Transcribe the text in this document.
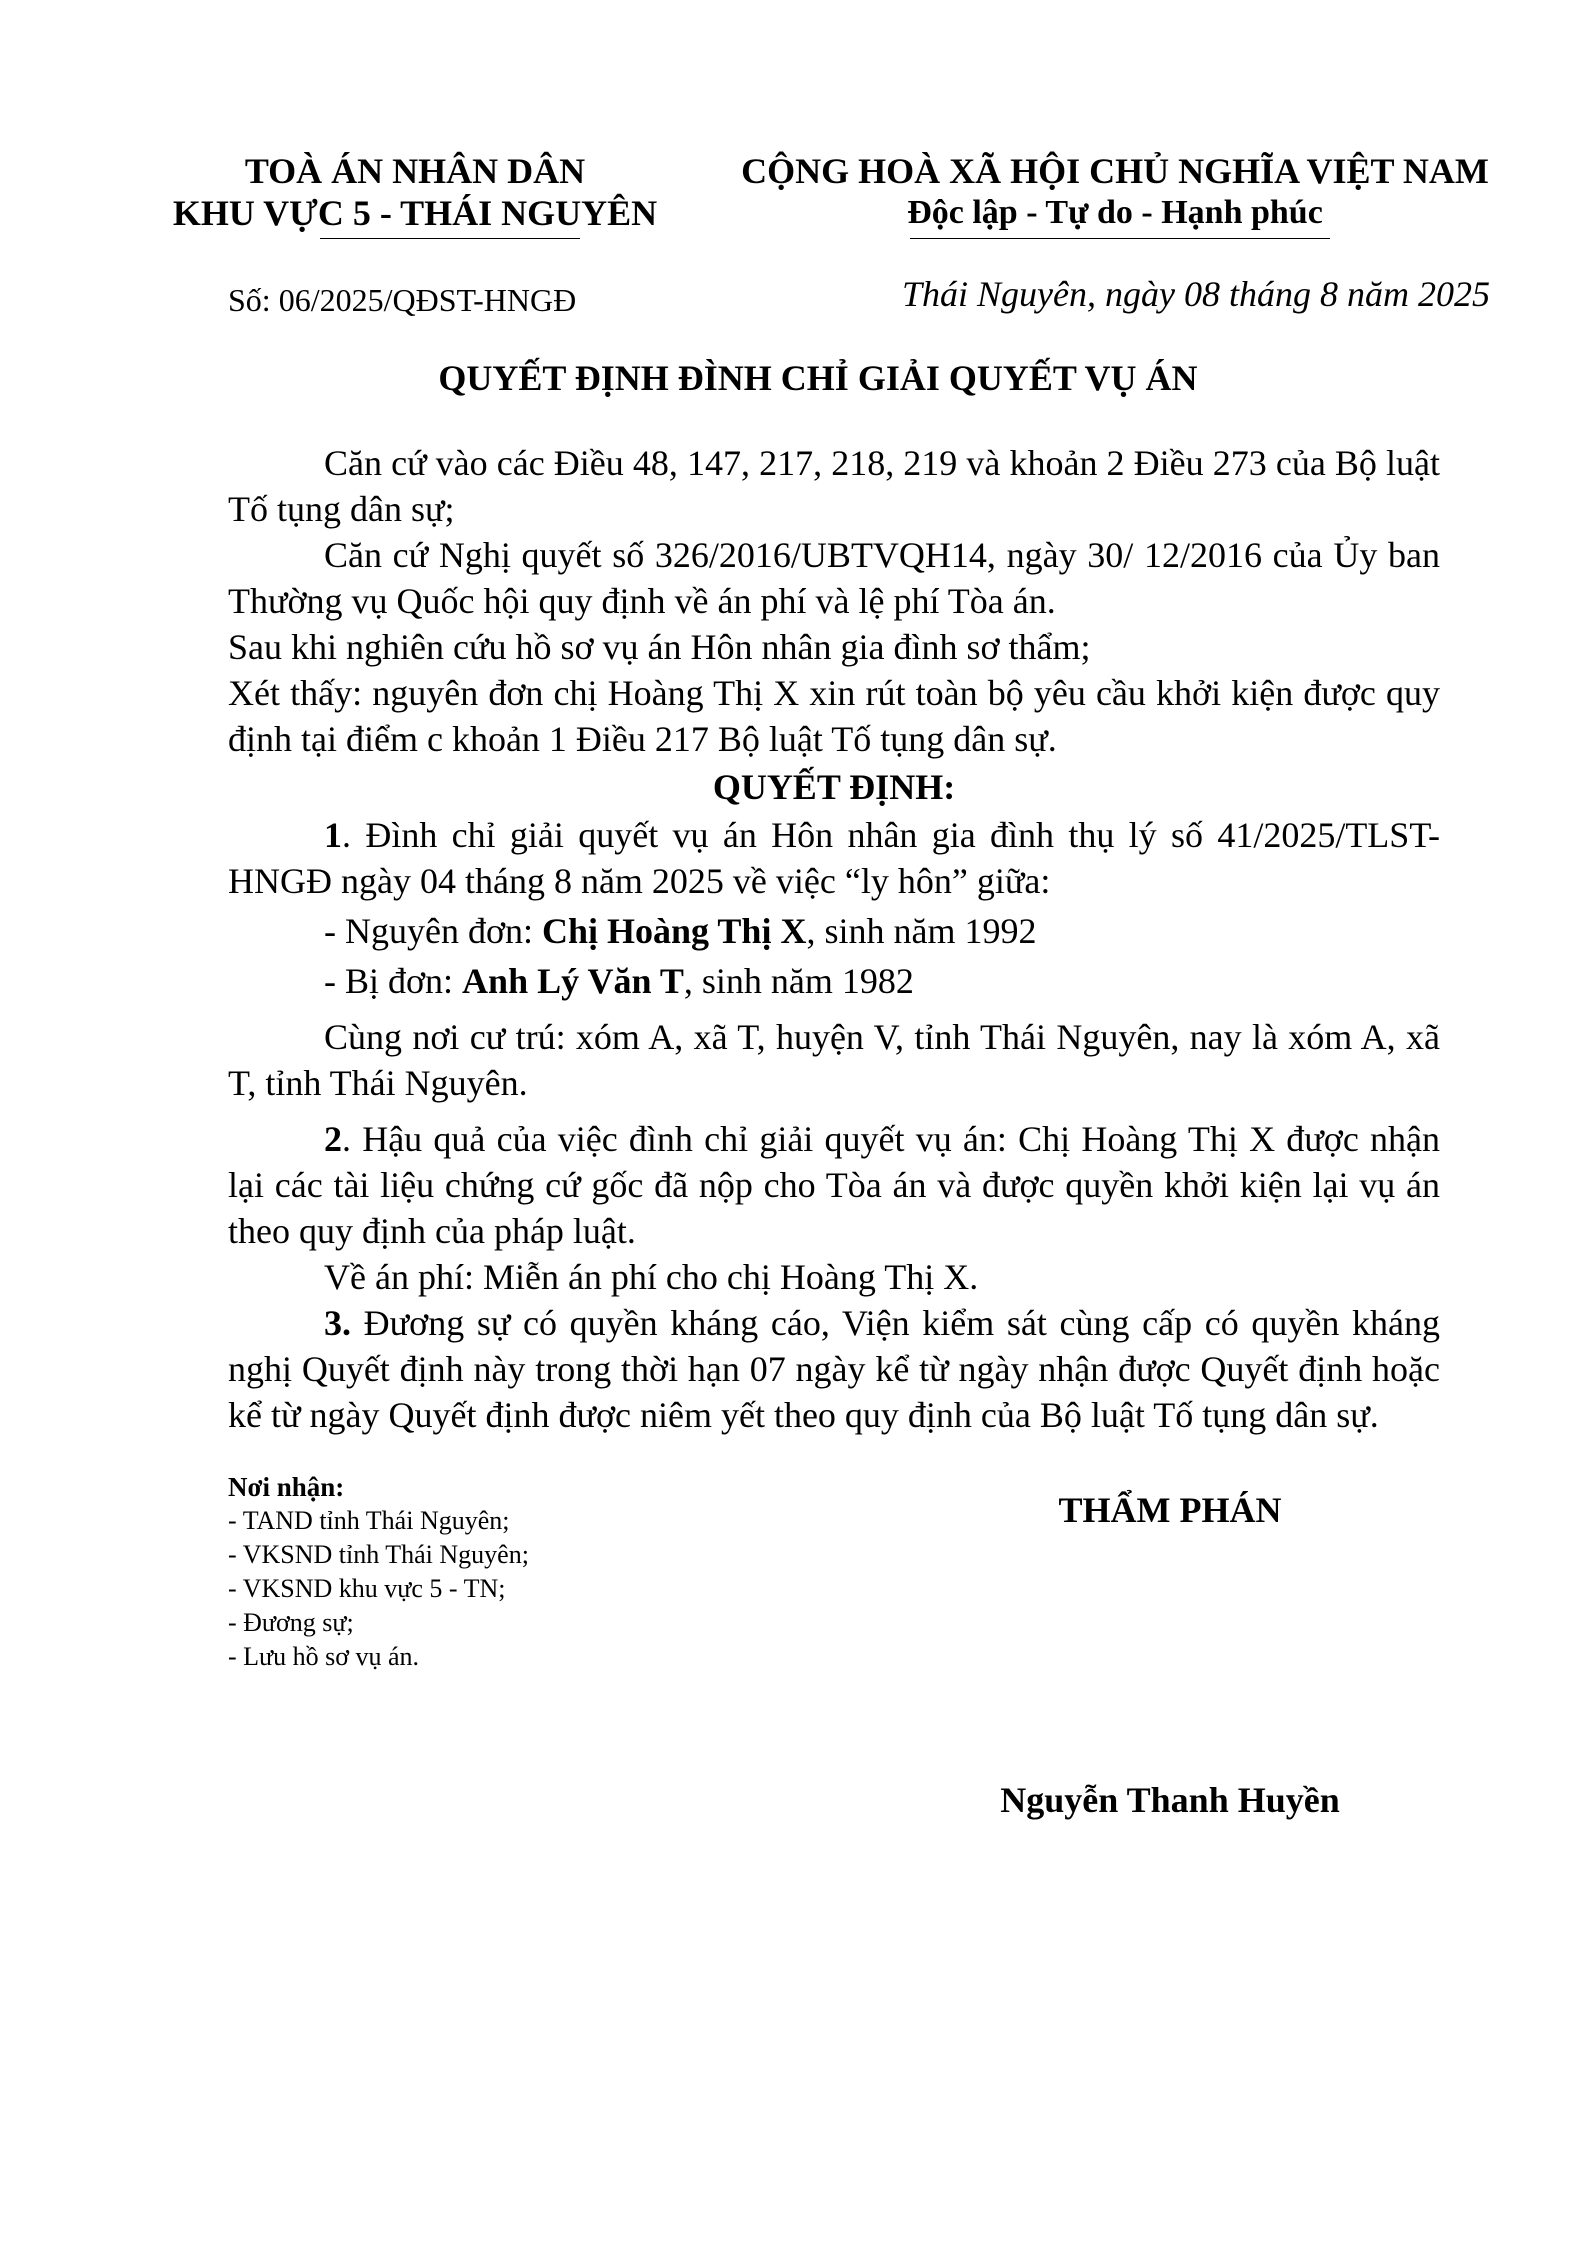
TOÀ ÁN NHÂN DÂN
KHU VỰC 5 - THÁI NGUYÊN
CỘNG HOÀ XÃ HỘI CHỦ NGHĨA VIỆT NAM
Độc lập - Tự do - Hạnh phúc
Số: 06/2025/QĐST-HNGĐ	Thái Nguyên, ngày 08 tháng 8 năm 2025
QUYẾT ĐỊNH ĐÌNH CHỈ GIẢI QUYẾT VỤ ÁN

Căn cứ vào các Điều 48, 147, 217, 218, 219 và khoản 2 Điều 273 của Bộ luật Tố tụng dân sự;

Căn cứ Nghị quyết số 326/2016/UBTVQH14, ngày 30/ 12/2016 của Ủy ban Thường vụ Quốc hội quy định về án phí và lệ phí Tòa án.

Sau khi nghiên cứu hồ sơ vụ án Hôn nhân gia đình sơ thẩm;

Xét thấy: nguyên đơn chị Hoàng Thị X xin rút toàn bộ yêu cầu khởi kiện được quy định tại điểm c khoản 1 Điều 217 Bộ luật Tố tụng dân sự.

QUYẾT ĐỊNH:

1. Đình chỉ giải quyết vụ án Hôn nhân gia đình thụ lý số 41/2025/TLST-HNGĐ ngày 04 tháng 8 năm 2025 về việc “ly hôn” giữa:

- Nguyên đơn: Chị Hoàng Thị X, sinh năm 1992

- Bị đơn: Anh Lý Văn T, sinh năm 1982

Cùng nơi cư trú: xóm A, xã T, huyện V, tỉnh Thái Nguyên, nay là xóm A, xã T, tỉnh Thái Nguyên.

2. Hậu quả của việc đình chỉ giải quyết vụ án: Chị Hoàng Thị X được nhận lại các tài liệu chứng cứ gốc đã nộp cho Tòa án và được quyền khởi kiện lại vụ án theo quy định của pháp luật.

Về án phí: Miễn án phí cho chị Hoàng Thị X.

3. Đương sự có quyền kháng cáo, Viện kiểm sát cùng cấp có quyền kháng nghị Quyết định này trong thời hạn 07 ngày kể từ ngày nhận được Quyết định hoặc kể từ ngày Quyết định được niêm yết theo quy định của Bộ luật Tố tụng dân sự.

Nơi nhận:
- TAND tỉnh Thái Nguyên;
- VKSND tỉnh Thái Nguyên;
- VKSND khu vực 5 - TN;
- Đương sự;
- Lưu hồ sơ vụ án.
THẨM PHÁN
Nguyễn Thanh Huyền
